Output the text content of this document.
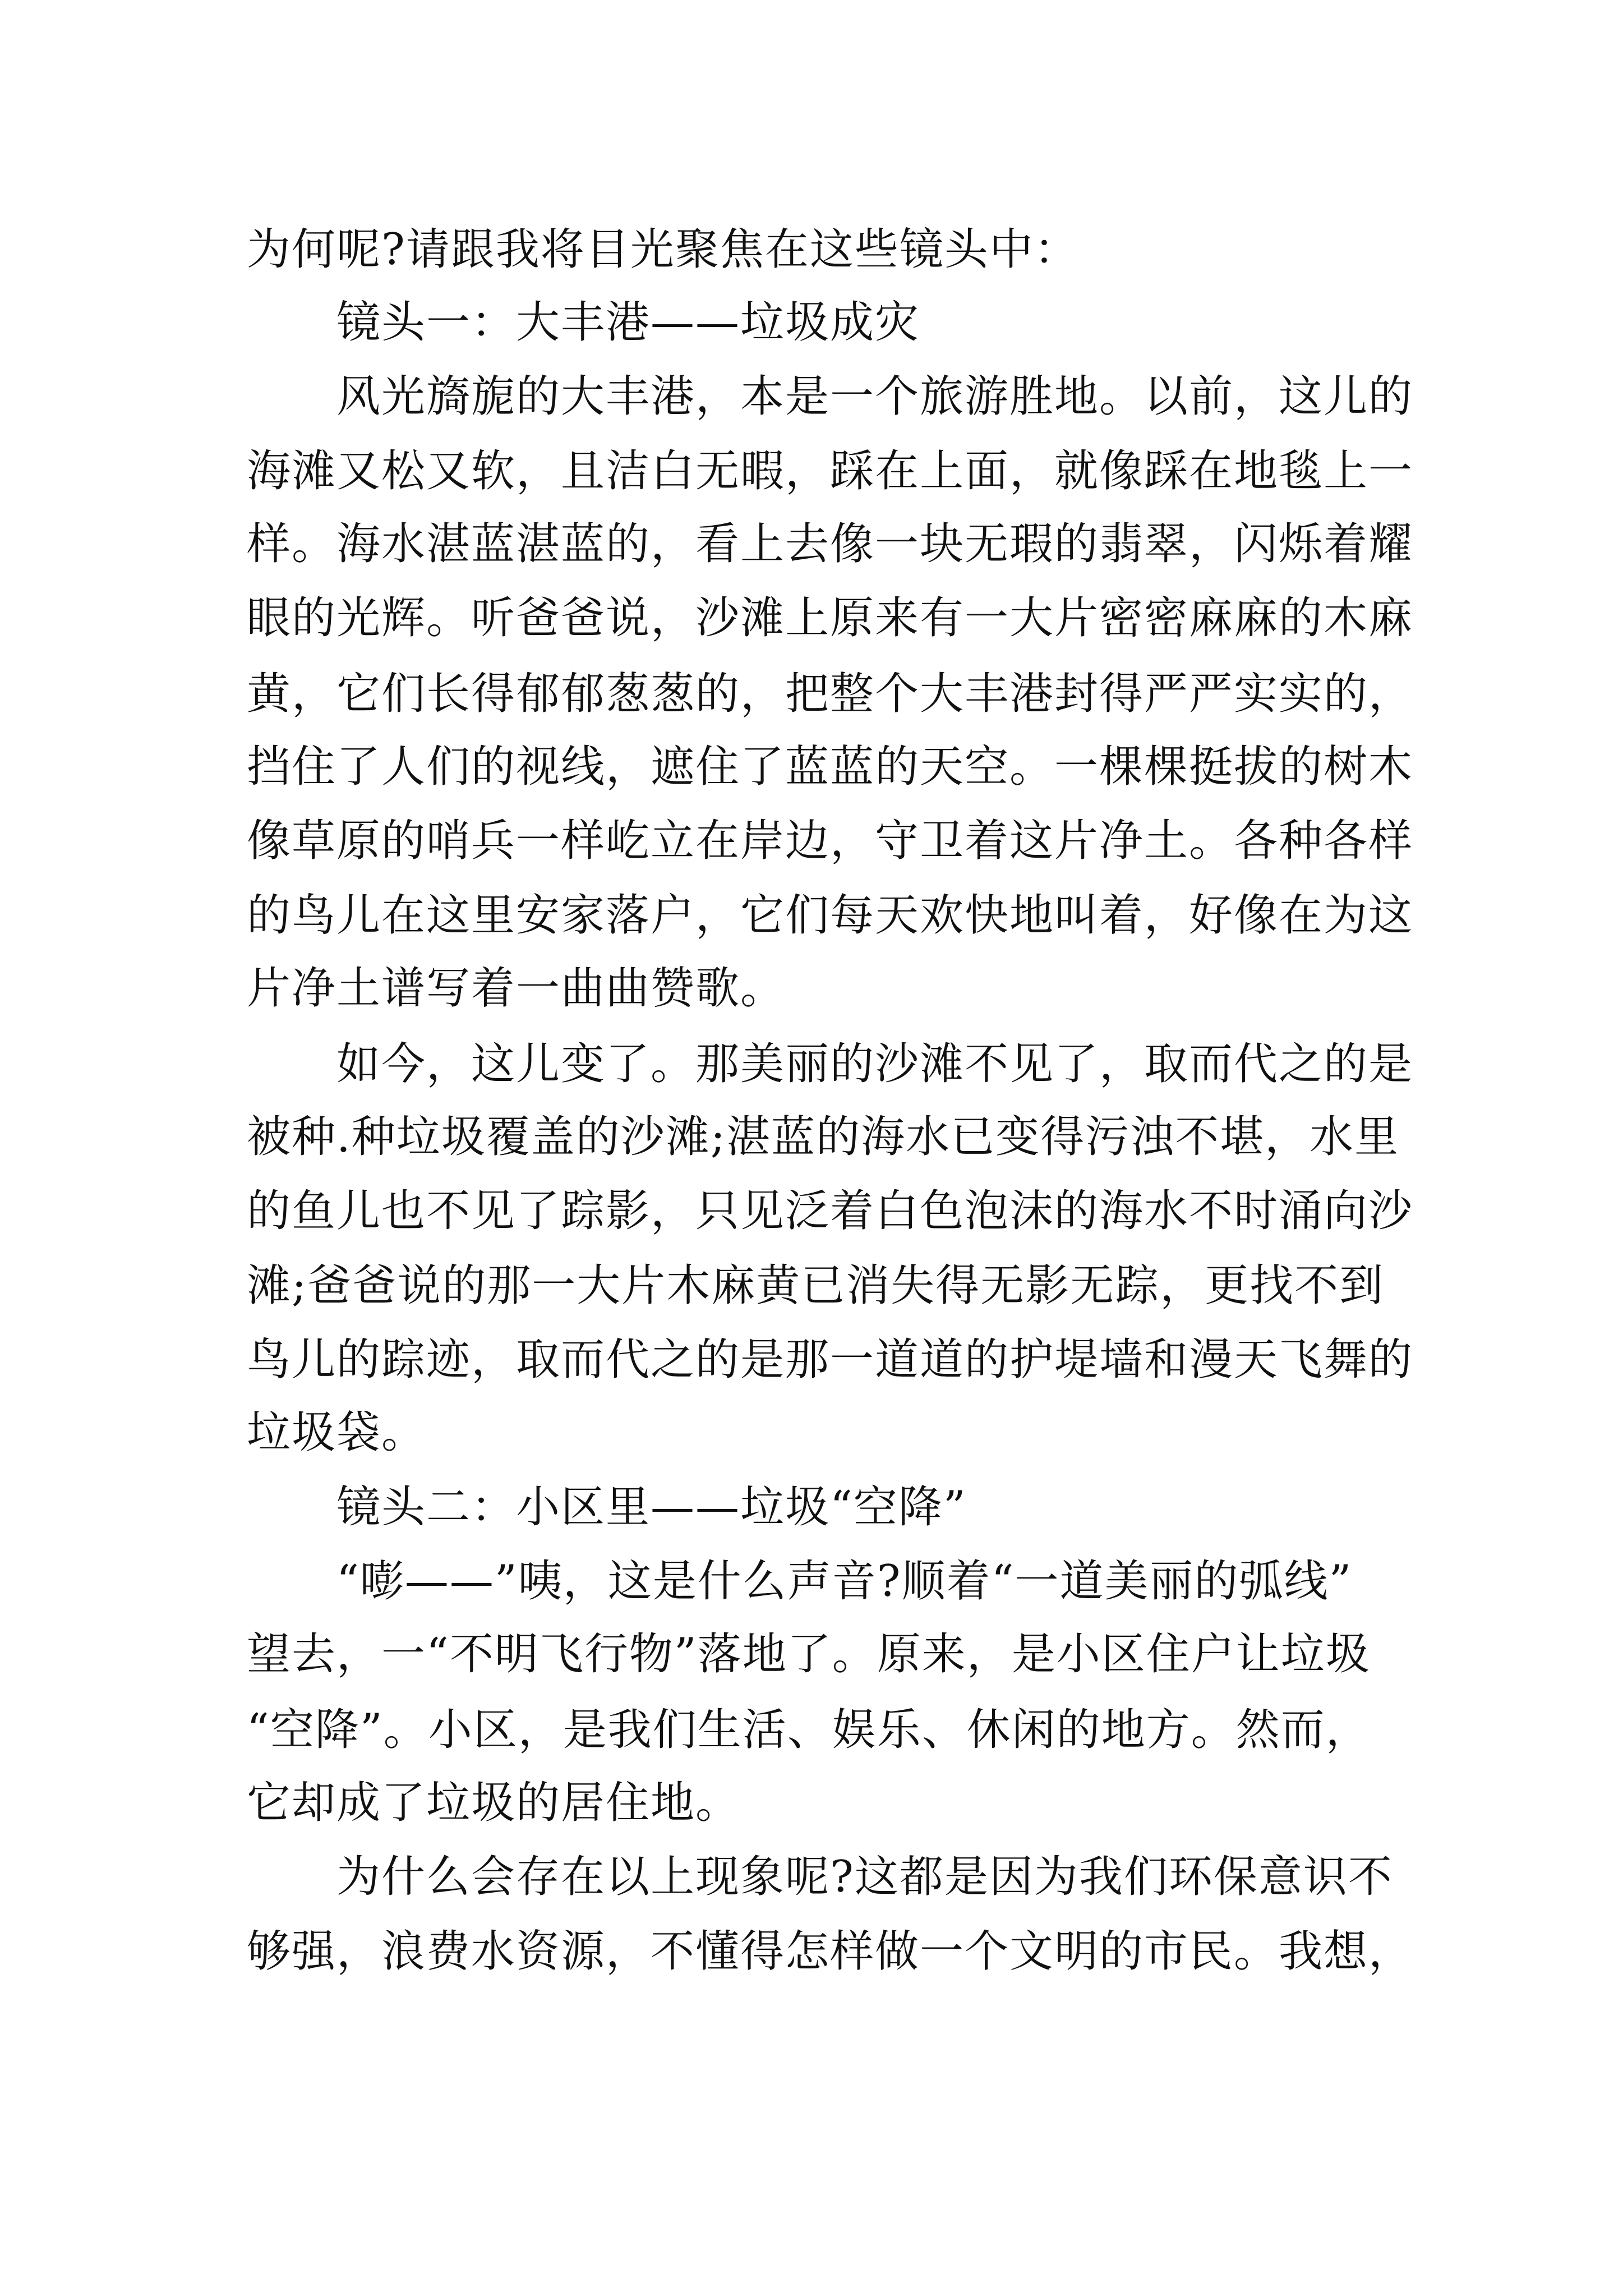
为何呢?请跟我将目光聚焦在这些镜头中：
镜头一：大丰港——垃圾成灾
风光旖旎的大丰港，本是一个旅游胜地。以前，这儿的
海滩又松又软，且洁白无暇，踩在上面，就像踩在地毯上一
样。海水湛蓝湛蓝的，看上去像一块无瑕的翡翠，闪烁着耀
眼的光辉。听爸爸说，沙滩上原来有一大片密密麻麻的木麻
黄，它们长得郁郁葱葱的，把整个大丰港封得严严实实的，
挡住了人们的视线，遮住了蓝蓝的天空。一棵棵挺拔的树木
像草原的哨兵一样屹立在岸边，守卫着这片净土。各种各样
的鸟儿在这里安家落户，它们每天欢快地叫着，好像在为这
片净土谱写着一曲曲赞歌。
如今，这儿变了。那美丽的沙滩不见了，取而代之的是
被种.种垃圾覆盖的沙滩;湛蓝的海水已变得污浊不堪，水里
的鱼儿也不见了踪影，只见泛着白色泡沫的海水不时涌向沙
滩;爸爸说的那一大片木麻黄已消失得无影无踪，更找不到
鸟儿的踪迹，取而代之的是那一道道的护堤墙和漫天飞舞的
垃圾袋。
镜头二：小区里——垃圾“空降”
“嘭——”咦，这是什么声音?顺着“一道美丽的弧线”
望去，一“不明飞行物”落地了。原来，是小区住户让垃圾
“空降”。小区，是我们生活、娱乐、休闲的地方。然而，
它却成了垃圾的居住地。
为什么会存在以上现象呢?这都是因为我们环保意识不
够强，浪费水资源，不懂得怎样做一个文明的市民。我想，
